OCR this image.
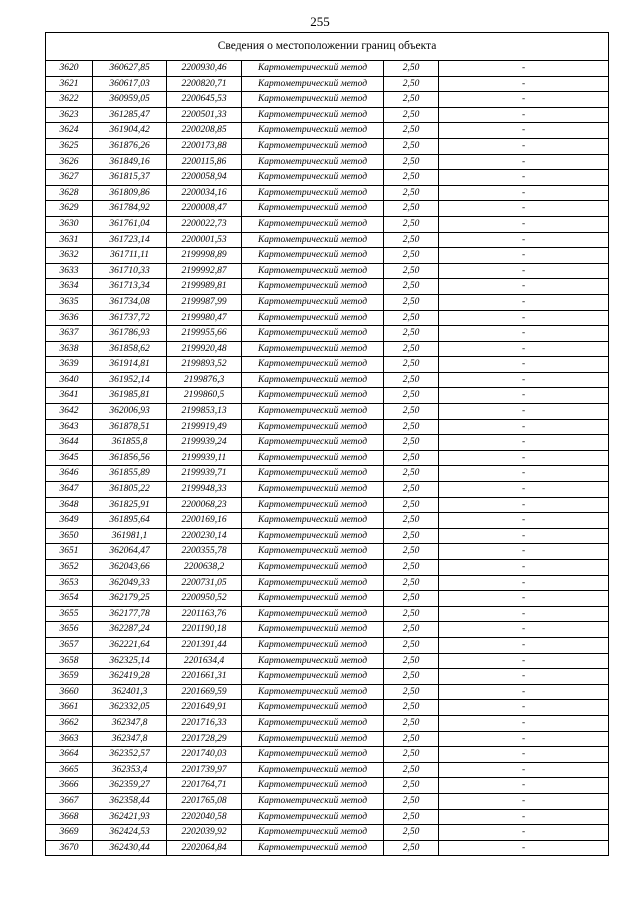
255
Сведения о местоположении границ объекта					
3620	360627,85	2200930,46	Картометрический метод	2,50	-
3621	360617,03	2200820,71	Картометрический метод	2,50	-
3622	360959,05	2200645,53	Картометрический метод	2,50	-
3623	361285,47	2200501,33	Картометрический метод	2,50	-
3624	361904,42	2200208,85	Картометрический метод	2,50	-
3625	361876,26	2200173,88	Картометрический метод	2,50	-
3626	361849,16	2200115,86	Картометрический метод	2,50	-
3627	361815,37	2200058,94	Картометрический метод	2,50	-
3628	361809,86	2200034,16	Картометрический метод	2,50	-
3629	361784,92	2200008,47	Картометрический метод	2,50	-
3630	361761,04	2200022,73	Картометрический метод	2,50	-
3631	361723,14	2200001,53	Картометрический метод	2,50	-
3632	361711,11	2199998,89	Картометрический метод	2,50	-
3633	361710,33	2199992,87	Картометрический метод	2,50	-
3634	361713,34	2199989,81	Картометрический метод	2,50	-
3635	361734,08	2199987,99	Картометрический метод	2,50	-
3636	361737,72	2199980,47	Картометрический метод	2,50	-
3637	361786,93	2199955,66	Картометрический метод	2,50	-
3638	361858,62	2199920,48	Картометрический метод	2,50	-
3639	361914,81	2199893,52	Картометрический метод	2,50	-
3640	361952,14	2199876,3	Картометрический метод	2,50	-
3641	361985,81	2199860,5	Картометрический метод	2,50	-
3642	362006,93	2199853,13	Картометрический метод	2,50	-
3643	361878,51	2199919,49	Картометрический метод	2,50	-
3644	361855,8	2199939,24	Картометрический метод	2,50	-
3645	361856,56	2199939,11	Картометрический метод	2,50	-
3646	361855,89	2199939,71	Картометрический метод	2,50	-
3647	361805,22	2199948,33	Картометрический метод	2,50	-
3648	361825,91	2200068,23	Картометрический метод	2,50	-
3649	361895,64	2200169,16	Картометрический метод	2,50	-
3650	361981,1	2200230,14	Картометрический метод	2,50	-
3651	362064,47	2200355,78	Картометрический метод	2,50	-
3652	362043,66	2200638,2	Картометрический метод	2,50	-
3653	362049,33	2200731,05	Картометрический метод	2,50	-
3654	362179,25	2200950,52	Картометрический метод	2,50	-
3655	362177,78	2201163,76	Картометрический метод	2,50	-
3656	362287,24	2201190,18	Картометрический метод	2,50	-
3657	362221,64	2201391,44	Картометрический метод	2,50	-
3658	362325,14	2201634,4	Картометрический метод	2,50	-
3659	362419,28	2201661,31	Картометрический метод	2,50	-
3660	362401,3	2201669,59	Картометрический метод	2,50	-
3661	362332,05	2201649,91	Картометрический метод	2,50	-
3662	362347,8	2201716,33	Картометрический метод	2,50	-
3663	362347,8	2201728,29	Картометрический метод	2,50	-
3664	362352,57	2201740,03	Картометрический метод	2,50	-
3665	362353,4	2201739,97	Картометрический метод	2,50	-
3666	362359,27	2201764,71	Картометрический метод	2,50	-
3667	362358,44	2201765,08	Картометрический метод	2,50	-
3668	362421,93	2202040,58	Картометрический метод	2,50	-
3669	362424,53	2202039,92	Картометрический метод	2,50	-
3670	362430,44	2202064,84	Картометрический метод	2,50	-
